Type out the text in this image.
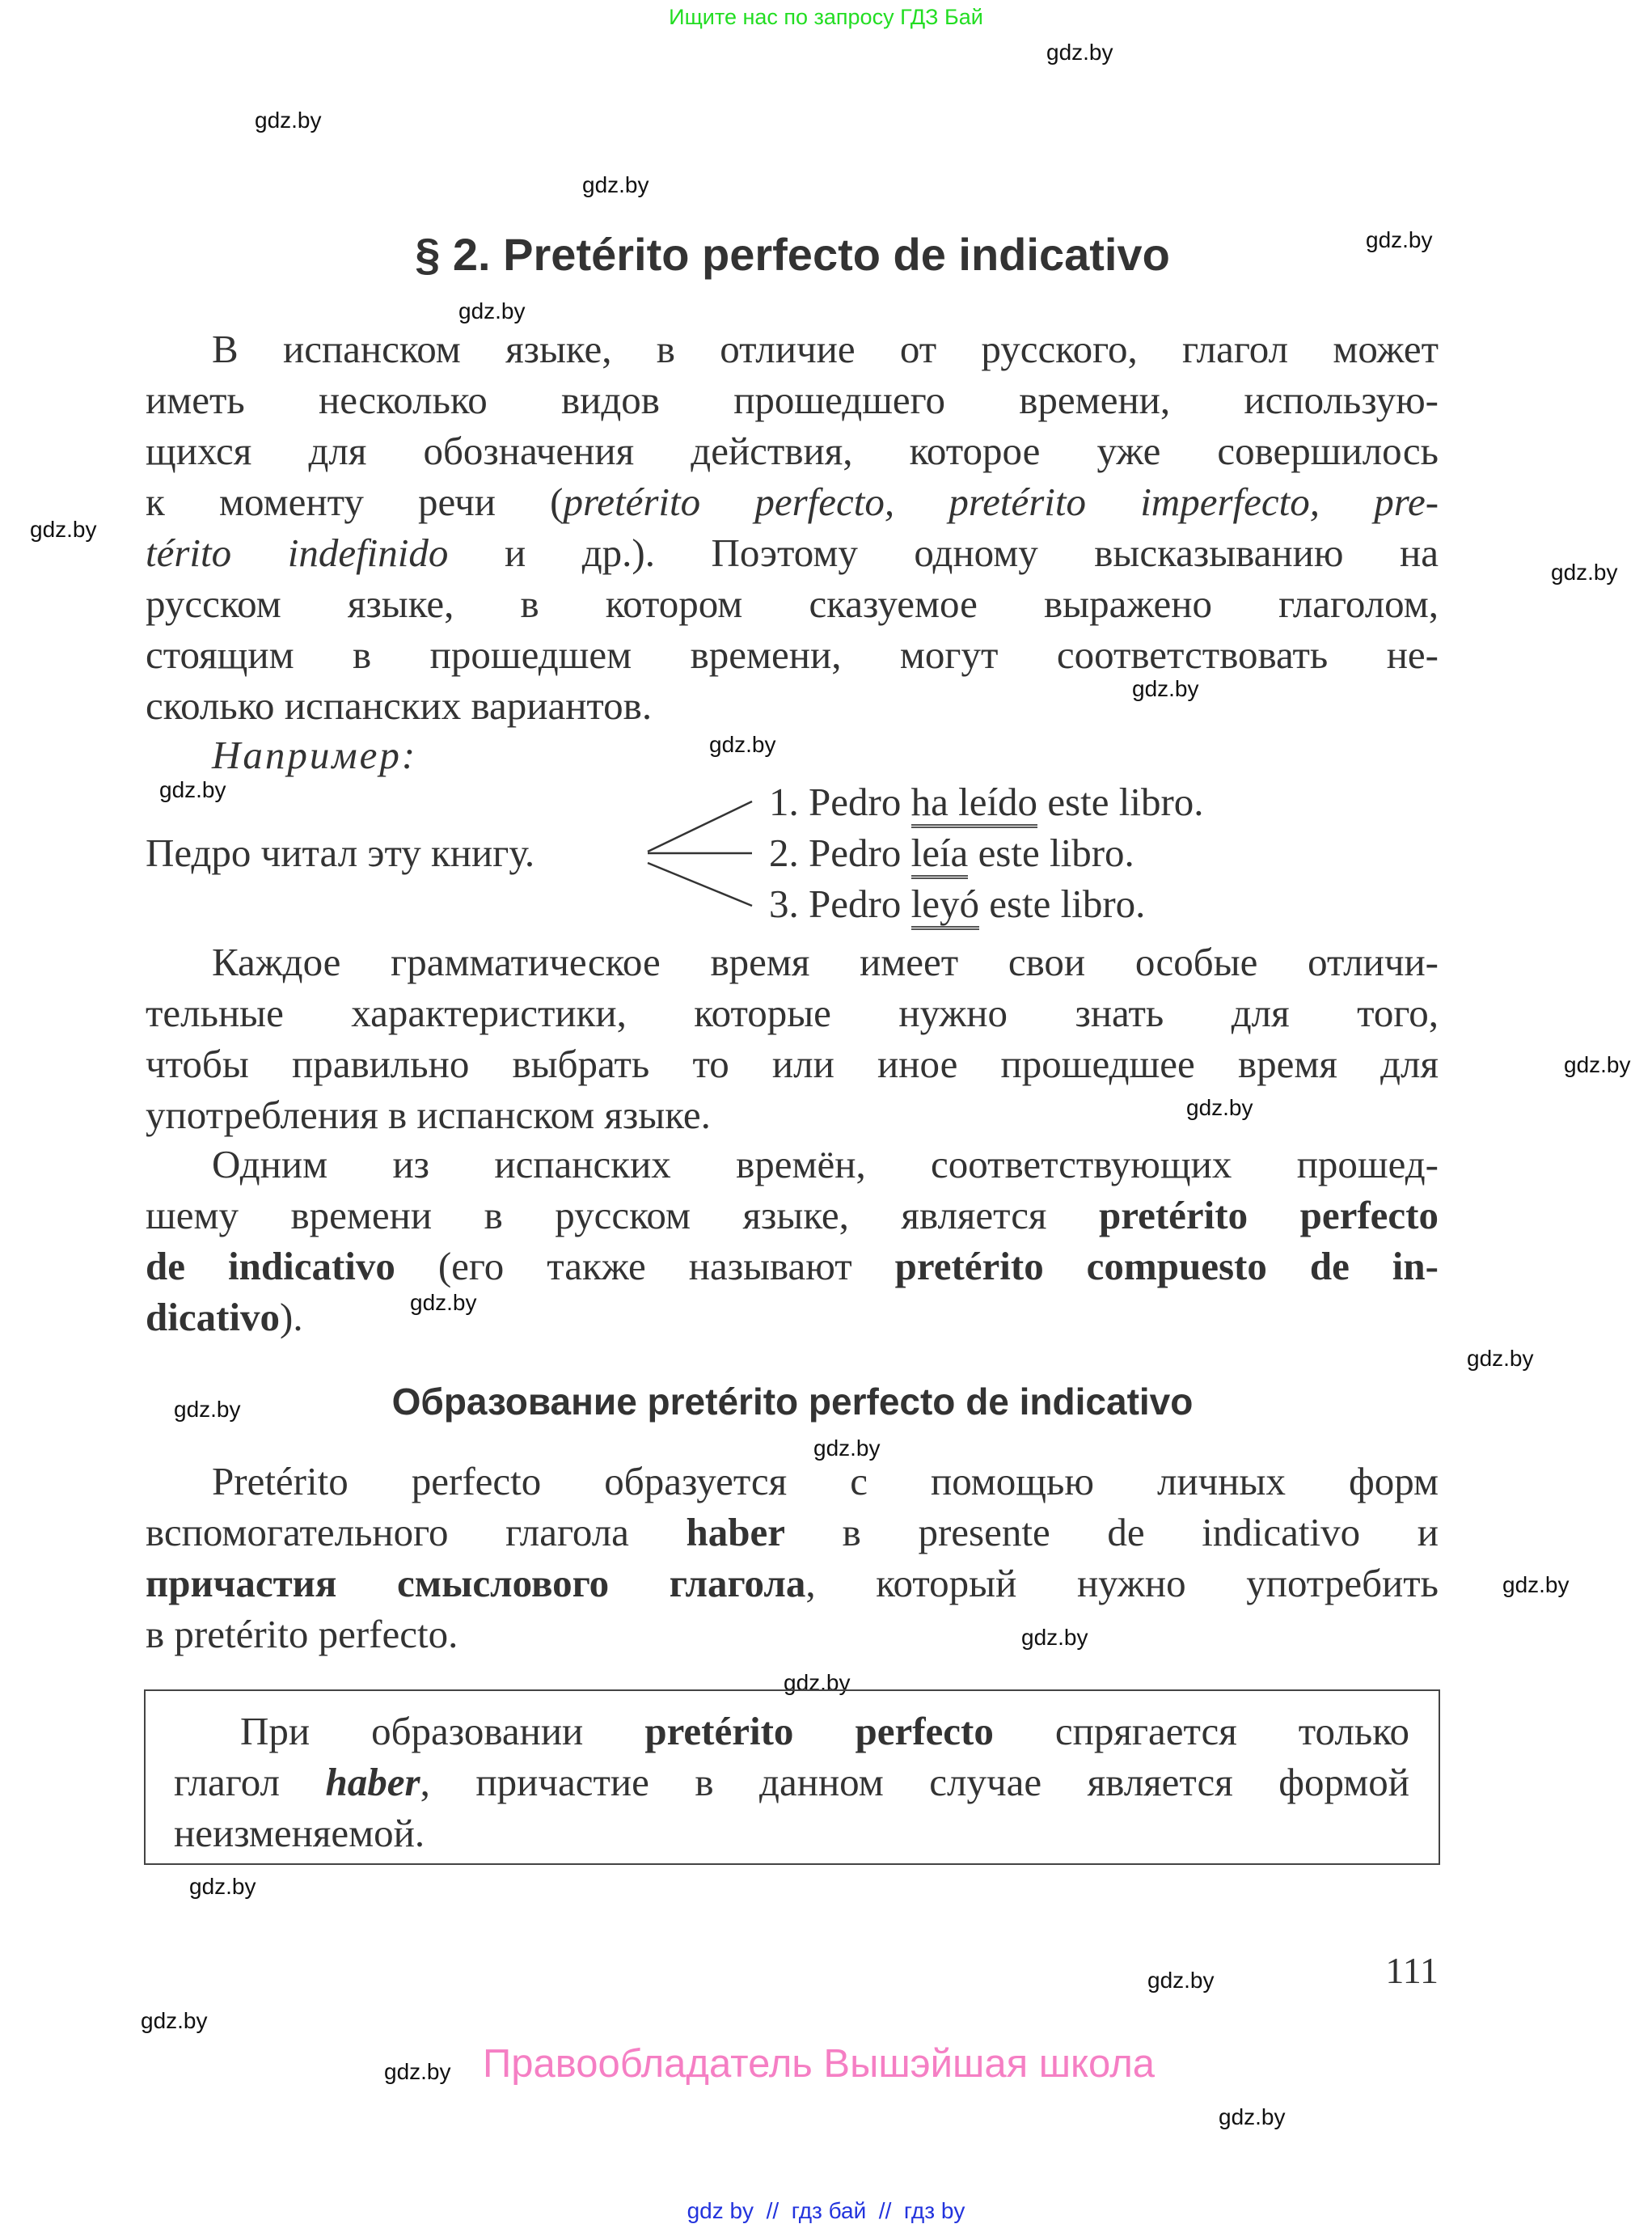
Ищите нас по запросу ГДЗ Бай
gdz.by
gdz.by
gdz.by
gdz.by
gdz.by
gdz.by
gdz.by
gdz.by
gdz.by
gdz.by
gdz.by
gdz.by
gdz.by
gdz.by
gdz.by
gdz.by
gdz.by
gdz.by
gdz.by
gdz.by
gdz.by
gdz.by
gdz.by
gdz.by
§ 2. Pretérito perfecto de indicativo
В испанском языке, в отличие от русского, глагол может
иметь несколько видов прошедшего времени, использую-
щихся для обозначения действия, которое уже совершилось
к моменту речи (pretérito perfecto, pretérito imperfecto, pre-
térito indefinido и др.). Поэтому одному высказыванию на
русском языке, в котором сказуемое выражено глаголом,
стоящим в прошедшем времени, могут соответствовать не-
сколько испанских вариантов.
Например:
Педро читал эту книгу.
1. Pedro ha leído este libro.
2. Pedro leía este libro.
3. Pedro leyó este libro.
Каждое грамматическое время имеет свои особые отличи-
тельные характеристики, которые нужно знать для того,
чтобы правильно выбрать то или иное прошедшее время для
употребления в испанском языке.
Одним из испанских времён, соответствующих прошед-
шему времени в русском языке, является pretérito perfecto
de indicativo (его также называют pretérito compuesto de in-
dicativo).
Образование pretérito perfecto de indicativo
Pretérito perfecto образуется с помощью личных форм
вспомогательного глагола haber в presente de indicativo и
причастия смыслового глагола, который нужно употребить
в pretérito perfecto.
При образовании pretérito perfecto спрягается только
глагол haber, причастие в данном случае является формой
неизменяемой.
111
Правообладатель Вышэйшая школа
gdz by  //  гдз бай  //  гдз by
